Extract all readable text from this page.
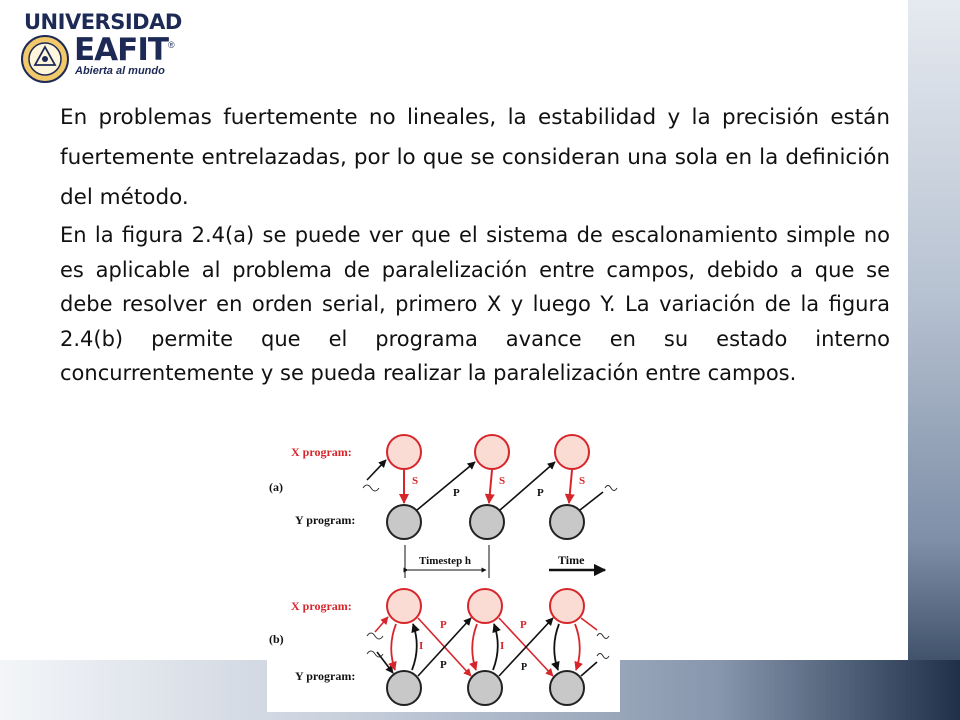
UNIVERSIDAD
EAFIT ®
Abierta al mundo
En problemas fuertemente no lineales, la estabilidad y la precisión están fuertemente entrelazadas, por lo que se consideran una sola en la definición del método.
En la figura 2.4(a) se puede ver que el sistema de escalonamiento simple no es aplicable al problema de paralelización entre campos, debido a que se debe resolver en orden serial, primero X y luego Y. La variación de la figura 2.4(b) permite que el programa avance en su estado interno concurrentemente y se pueda realizar la paralelización entre campos.
X program:
(a)
Y program:
S	S	S
P	P
Timestep h	Time
X program:
(b)
Y program:
I	I
P	P
P	P
